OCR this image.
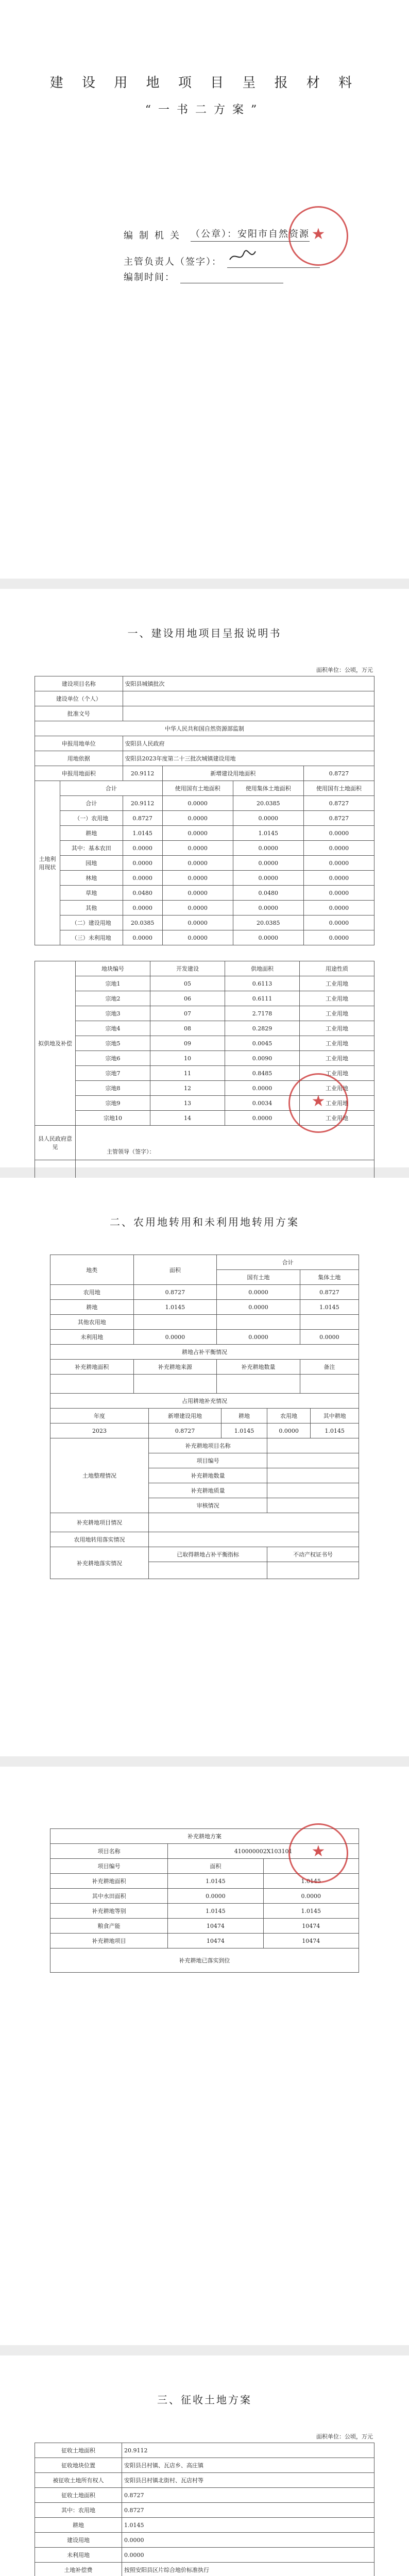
建 设 用 地 项 目 呈 报 材 料
“一书二方案”
编制机关 （公章）：安阳市自然资源
主管负责人（签字）：
编制时间：
★
一、建设用地项目呈报说明书
面积单位：公顷，万元
建设项目名称		安阳县城镇批次			
建设单位（个人）					
批准文号					
中华人民共和国自然资源部监制					
申报用地单位		安阳县人民政府			
用地依据		安阳县2023年度第二十三批次城镇建设用地			
申报用地面积		20.9112	新增建设用地面积		0.8727
土地利用现状	合计		使用国有土地面积	使用集体土地面积	使用国有土地面积
	合计	20.9112	0.0000	20.0385	0.8727
	（一）农用地	0.8727	0.0000	0.0000	0.8727
	耕地	1.0145	0.0000	1.0145	0.0000
	其中：基本农田	0.0000	0.0000	0.0000	0.0000
	园地	0.0000	0.0000	0.0000	0.0000
	林地	0.0000	0.0000	0.0000	0.0000
	草地	0.0480	0.0000	0.0480	0.0000
	其他	0.0000	0.0000	0.0000	0.0000
	（二）建设用地	20.0385	0.0000	20.0385	0.0000
	（三）未利用地	0.0000	0.0000	0.0000	0.0000
拟供地及补偿	地块编号	开发建设	供地面积	用途性质
	宗地1	05	0.6113	工业用地
	宗地2	06	0.6111	工业用地
	宗地3	07	2.7178	工业用地
	宗地4	08	0.2829	工业用地
	宗地5	09	0.0045	工业用地
	宗地6	10	0.0090	工业用地
	宗地7	11	0.8485	工业用地
	宗地8	12	0.0000	工业用地
	宗地9	13	0.0034	工业用地
	宗地10	14	0.0000	工业用地
县人民政府意见	主管领导（签字）：			

★
二、农用地转用和未利用地转用方案
地类	面积	合计	
		国有土地	集体土地
农用地	0.8727	0.0000	0.8727
耕地	1.0145	0.0000	1.0145
其他农用地			
未利用地	0.0000	0.0000	0.0000
耕地占补平衡情况			
补充耕地面积	补充耕地来源	补充耕地数量	备注

占用耕地补充情况			
年度	新增建设用地	耕地	农用地	其中耕地
2023	0.8727	1.0145	0.0000	1.0145
土地整理情况	补充耕地项目名称			
	项目编号			
	补充耕地数量			
	补充耕地质量			
	审核情况			
补充耕地项目情况				
农用地转用落实情况				
补充耕地落实情况	已取得耕地占补平衡指标		不动产权证书号	

补充耕地方案		
项目名称	410000002X103101	
项目编号	面积	
补充耕地面积	1.0145	1.0145
其中水田面积	0.0000	0.0000
补充耕地等别	1.0145	1.0145
粮食产能	10474	10474
补充耕地项目	10474	10474
补充耕地已落实到位		
★
三、征收土地方案
面积单位：公顷，万元
征收土地面积	20.9112		
征收地块位置	安阳县吕村镇、瓦店乡、高庄镇		
被征收土地所有权人	安阳县吕村镇北街村、瓦店村等		
征收土地面积	0.8727		
其中：农用地	0.8727		
耕地	1.0145		
建设用地	0.0000		
未利用地	0.0000		
土地补偿费	按照安阳县区片综合地价标准执行		
